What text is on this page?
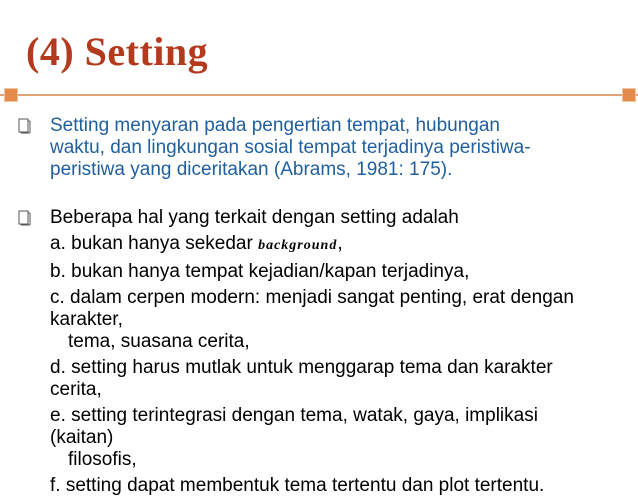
(4) Setting
Setting menyaran pada pengertian tempat, hubungan
waktu, dan lingkungan sosial tempat terjadinya peristiwa-
peristiwa yang diceritakan (Abrams, 1981: 175).
Beberapa hal yang terkait dengan setting adalah
a. bukan hanya sekedar background,
b. bukan hanya tempat kejadian/kapan terjadinya,
c. dalam cerpen modern: menjadi sangat penting, erat dengan
karakter,
tema, suasana cerita,
d. setting harus mutlak untuk menggarap tema dan karakter
cerita,
e. setting terintegrasi dengan tema, watak, gaya, implikasi
(kaitan)
filosofis,
f. setting dapat membentuk tema tertentu dan plot tertentu.
